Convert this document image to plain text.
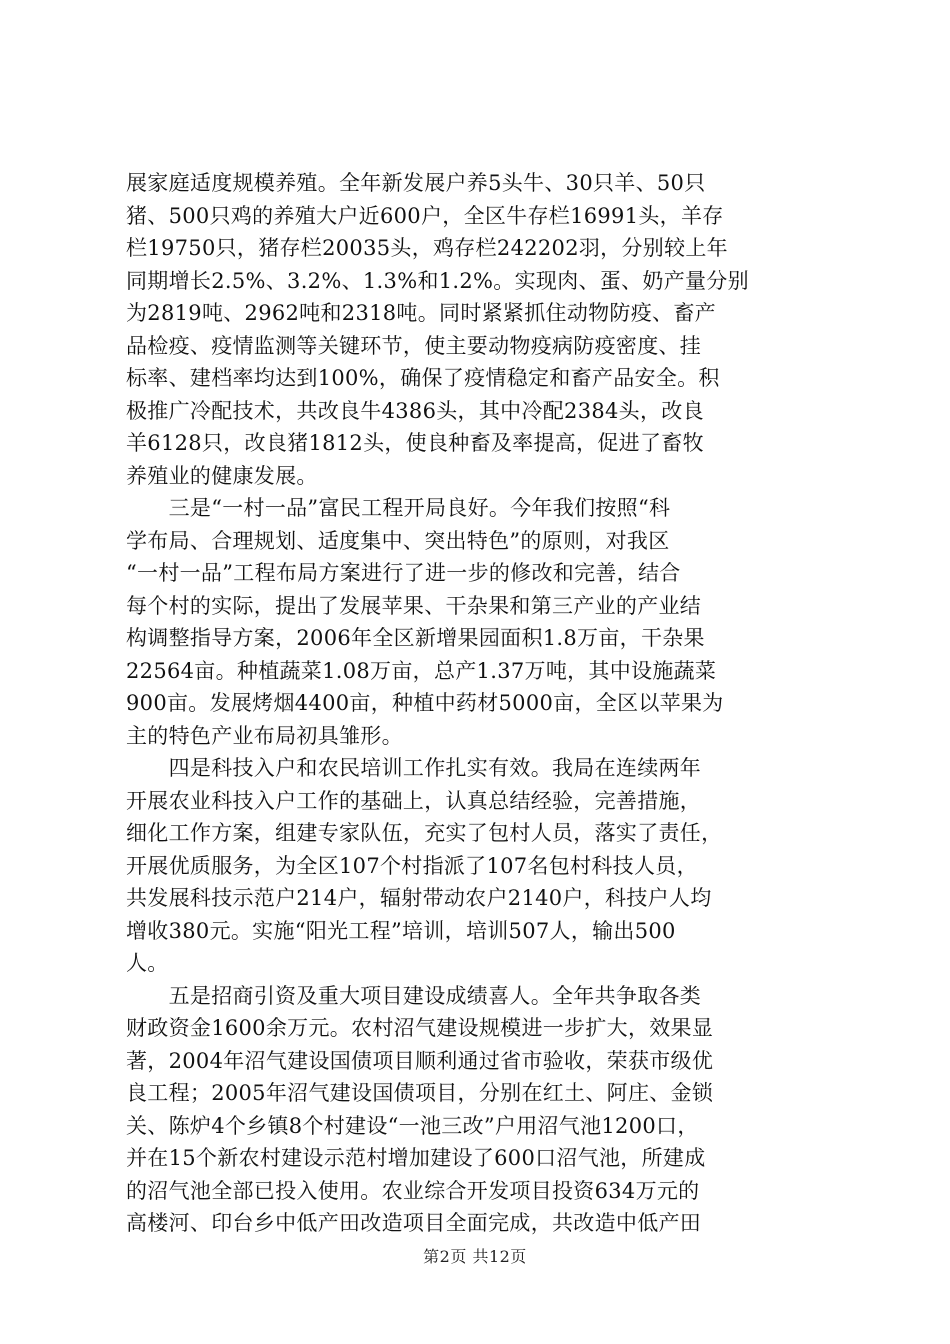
展家庭适度规模养殖。全年新发展户养5头牛、30只羊、50只
猪、500只鸡的养殖大户近600户，全区牛存栏16991头，羊存
栏19750只，猪存栏20035头，鸡存栏242202羽，分别较上年
同期增长2.5%、3.2%、1.3%和1.2%。实现肉、蛋、奶产量分别
为2819吨、2962吨和2318吨。同时紧紧抓住动物防疫、畜产
品检疫、疫情监测等关键环节，使主要动物疫病防疫密度、挂
标率、建档率均达到100%，确保了疫情稳定和畜产品安全。积
极推广冷配技术，共改良牛4386头，其中冷配2384头，改良
羊6128只，改良猪1812头，使良种畜及率提高，促进了畜牧
养殖业的健康发展。
　　三是“一村一品”富民工程开局良好。今年我们按照“科
学布局、合理规划、适度集中、突出特色”的原则，对我区
“一村一品”工程布局方案进行了进一步的修改和完善，结合
每个村的实际，提出了发展苹果、干杂果和第三产业的产业结
构调整指导方案，2006年全区新增果园面积1.8万亩，干杂果
22564亩。种植蔬菜1.08万亩，总产1.37万吨，其中设施蔬菜
900亩。发展烤烟4400亩，种植中药材5000亩，全区以苹果为
主的特色产业布局初具雏形。
　　四是科技入户和农民培训工作扎实有效。我局在连续两年
开展农业科技入户工作的基础上，认真总结经验，完善措施，
细化工作方案，组建专家队伍，充实了包村人员，落实了责任，
开展优质服务，为全区107个村指派了107名包村科技人员，
共发展科技示范户214户，辐射带动农户2140户，科技户人均
增收380元。实施“阳光工程”培训，培训507人，输出500
人。
　　五是招商引资及重大项目建设成绩喜人。全年共争取各类
财政资金1600余万元。农村沼气建设规模进一步扩大，效果显
著，2004年沼气建设国债项目顺利通过省市验收，荣获市级优
良工程；2005年沼气建设国债项目，分别在红土、阿庄、金锁
关、陈炉4个乡镇8个村建设“一池三改”户用沼气池1200口，
并在15个新农村建设示范村增加建设了600口沼气池，所建成
的沼气池全部已投入使用。农业综合开发项目投资634万元的
高楼河、印台乡中低产田改造项目全面完成，共改造中低产田
第2页 共12页
